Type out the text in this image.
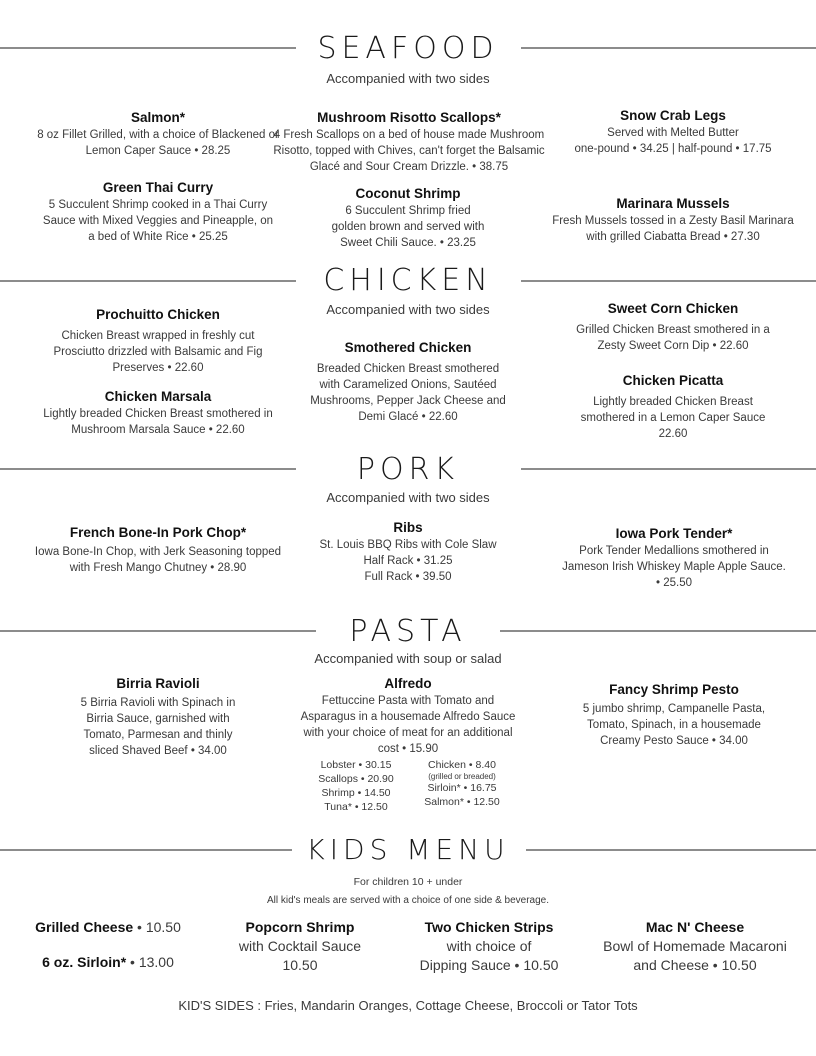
SEAFOOD
Accompanied with two sides
Salmon*
8 oz Fillet Grilled, with a choice of Blackened or Lemon Caper Sauce • 28.25
Green Thai Curry
5 Succulent Shrimp cooked in a Thai Curry Sauce with Mixed Veggies and Pineapple, on a bed of White Rice • 25.25
Mushroom Risotto Scallops*
4 Fresh Scallops on a bed of house made Mushroom Risotto, topped with Chives, can't forget the Balsamic Glacé and Sour Cream Drizzle. • 38.75
Coconut Shrimp
6 Succulent Shrimp fried golden brown and served with Sweet Chili Sauce. • 23.25
Snow Crab Legs
Served with Melted Butter
one-pound • 34.25 | half-pound • 17.75
Marinara Mussels
Fresh Mussels tossed in a Zesty Basil Marinara with grilled Ciabatta Bread • 27.30
CHICKEN
Accompanied with two sides
Prochuitto Chicken
Chicken Breast wrapped in freshly cut Prosciutto drizzled with Balsamic and Fig Preserves • 22.60
Chicken Marsala
Lightly breaded Chicken Breast smothered in Mushroom Marsala Sauce • 22.60
Smothered Chicken
Breaded Chicken Breast smothered with Caramelized Onions, Sautéed Mushrooms, Pepper Jack Cheese and Demi Glacé • 22.60
Sweet Corn Chicken
Grilled Chicken Breast smothered in a Zesty Sweet Corn Dip • 22.60
Chicken Picatta
Lightly breaded Chicken Breast smothered in a Lemon Caper Sauce 22.60
PORK
Accompanied with two sides
French Bone-In Pork Chop*
Iowa Bone-In Chop, with Jerk Seasoning topped with Fresh Mango Chutney • 28.90
Ribs
St. Louis BBQ Ribs with Cole Slaw
Half Rack • 31.25
Full Rack • 39.50
Iowa Pork Tender*
Pork Tender Medallions smothered in Jameson Irish Whiskey Maple Apple Sauce. • 25.50
PASTA
Accompanied with soup or salad
Birria Ravioli
5 Birria Ravioli with Spinach in Birria Sauce, garnished with Tomato, Parmesan and thinly sliced Shaved Beef • 34.00
Alfredo
Fettuccine Pasta with Tomato and Asparagus in a housemade Alfredo Sauce with your choice of meat for an additional cost • 15.90
Lobster • 30.15
Scallops • 20.90
Shrimp • 14.50
Tuna* • 12.50
Chicken • 8.40
(grilled or breaded)
Sirloin* • 16.75
Salmon* • 12.50
Fancy Shrimp Pesto
5 jumbo shrimp, Campanelle Pasta, Tomato, Spinach, in a housemade Creamy Pesto Sauce • 34.00
KIDS MENU
For children 10 + under
All kid's meals are served with a choice of one side & beverage.
Grilled Cheese • 10.50
6 oz. Sirloin* • 13.00
Popcorn Shrimp
with Cocktail Sauce
10.50
Two Chicken Strips
with choice of
Dipping Sauce • 10.50
Mac N' Cheese
Bowl of Homemade Macaroni
and Cheese • 10.50
KID'S SIDES : Fries, Mandarin Oranges, Cottage Cheese, Broccoli or Tator Tots
